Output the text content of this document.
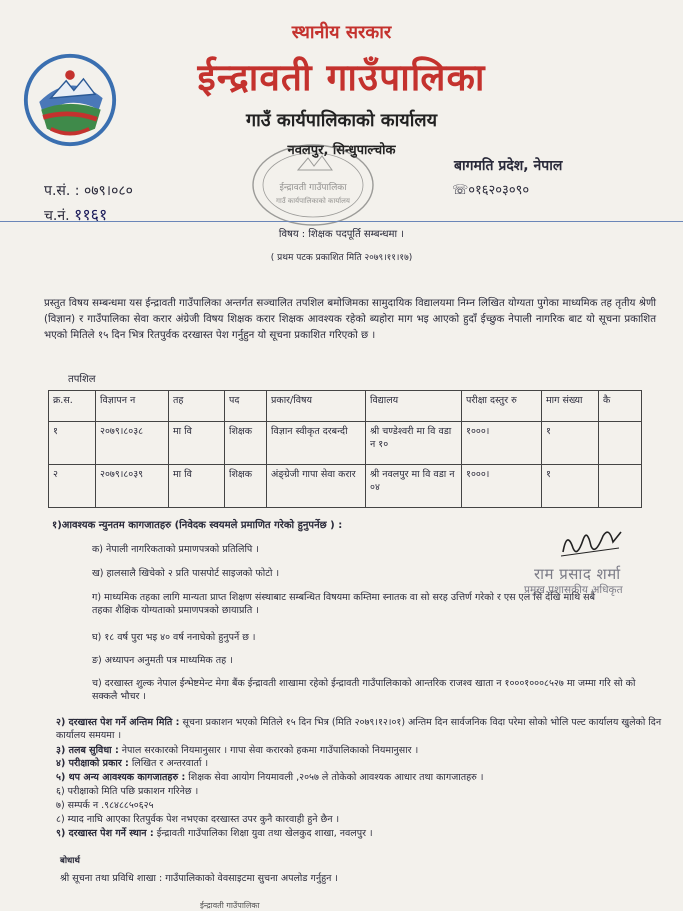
स्थानीय सरकार
ईन्द्रावती गाउँपालिका
गाउँ कार्यपालिकाको कार्यालय
नवलपुर, सिन्धुपाल्चोक
बागमति प्रदेश, नेपाल
☏०१६२०३०९०
प.सं. : ०७९।०८०
च.नं. ११६१
ईन्द्रावती गाउँपालिका
गाउँ कार्यपालिकाको कार्यालय
विषय : शिक्षक पदपूर्ति सम्बन्धमा ।
( प्रथम पटक प्रकाशित मिति २०७९।११।१७)
प्रस्तुत विषय सम्बन्धमा यस ईन्द्रावती गाउँपालिका अन्तर्गत सञ्चालित तपशिल बमोजिमका सामुदायिक विद्यालयमा निम्न लिखित योग्यता पुगेका माध्यमिक तह तृतीय श्रेणी (विज्ञान) र गाउँपालिका सेवा करार अंग्रेजी विषय शिक्षक करार शिक्षक आवश्यक रहेको ब्यहोरा माग भइ आएको हुदाँ ईच्छुक नेपाली नागरिक बाट यो सूचना प्रकाशित भएको मितिले १५ दिन भित्र रितपुर्वक दरखास्त पेश गर्नुहुन यो सूचना प्रकाशित गरिएको छ ।
तपशिल
क्र.स.	विज्ञापन न	तह	पद	प्रकार/विषय	विद्यालय	परीक्षा दस्तुर रु	माग संख्या	कै
१	२०७९।८०३८	मा वि	शिक्षक	विज्ञान स्वीकृत दरबन्दी	श्री चण्डेश्वरी मा वि वडा न १०	१०००।	१	
२	२०७९।८०३९	मा वि	शिक्षक	अंङ्ग्रेजी गापा सेवा करार	श्री नवलपुर मा वि वडा न ०४	१०००।	१	
१)आवश्यक न्युनतम कागजातहरु (निवेदक स्वयमले प्रमाणित गरेको हुनुपर्नेछ ) :
क) नेपाली नागरिकताको प्रमाणपत्रको प्रतिलिपि ।
ख) हालसालै खिचेको २ प्रति पासपोर्ट साइजको फोटो ।
ग) माध्यमिक तहका लागि मान्यता प्राप्त शिक्षण संस्थाबाट सम्बन्धित विषयमा कम्तिमा स्नातक वा सो सरह उत्तिर्ण गरेको र एस एल सि देखि माथि सबै तहका शैक्षिक योग्यताको प्रमाणपत्रको छायाप्रति ।
घ) १८ वर्ष पुरा भइ ४० वर्ष ननाघेको हुनुपर्ने छ ।
ङ) अध्यापन अनुमती पत्र माध्यमिक तह ।
च) दरखास्त शुल्क नेपाल ईन्भेष्टमेन्ट मेगा बैंक ईन्द्रावती शाखामा रहेको ईन्द्रावती गाउँपालिकाको आन्तरिक राजश्व खाता न १०००१०००८५२७ मा जम्मा गरि सो को सक्कलै भौचर ।
राम प्रसाद शर्मा
प्रमुख प्रशासकीय अधिकृत
२) दरखास्त पेश गर्ने अन्तिम मिति : सूचना प्रकाशन भएको मितिले १५ दिन भित्र (मिति २०७९।१२।०१) अन्तिम दिन सार्वजनिक विदा परेमा सोको भोलि पल्ट कार्यालय खुलेको दिन कार्यालय समयमा ।
३) तलब सुविधा : नेपाल सरकारको नियमानुसार । गापा सेवा करारको हकमा गाउँपालिकाको नियमानुसार ।
४) परीक्षाको प्रकार : लिखित र अन्तरवार्ता ।
५) थप अन्य आवश्यक कागजातहरु : शिक्षक सेवा आयोग नियमावली ,२०५७ ले तोकेको आवश्यक आधार तथा कागजातहरु ।
६) परीक्षाको मिति पछि प्रकाशन गरिनेछ ।
७) सम्पर्क न .९८४८८५०६२५
८) म्याद नाघि आएका रितपुर्वक पेश नभएका दरखास्त उपर कुनै कारवाही हुने छैन ।
९) दरखास्त पेश गर्ने स्थान : ईन्द्रावती गाउँपालिका शिक्षा युवा तथा खेलकुद शाखा, नवलपुर ।
बोधार्थ
श्री सूचना तथा प्रविधि शाखा : गाउँपालिकाको वेवसाइटमा सुचना अपलोड गर्नुहुन ।
ईन्द्रावती गाउँपालिका
